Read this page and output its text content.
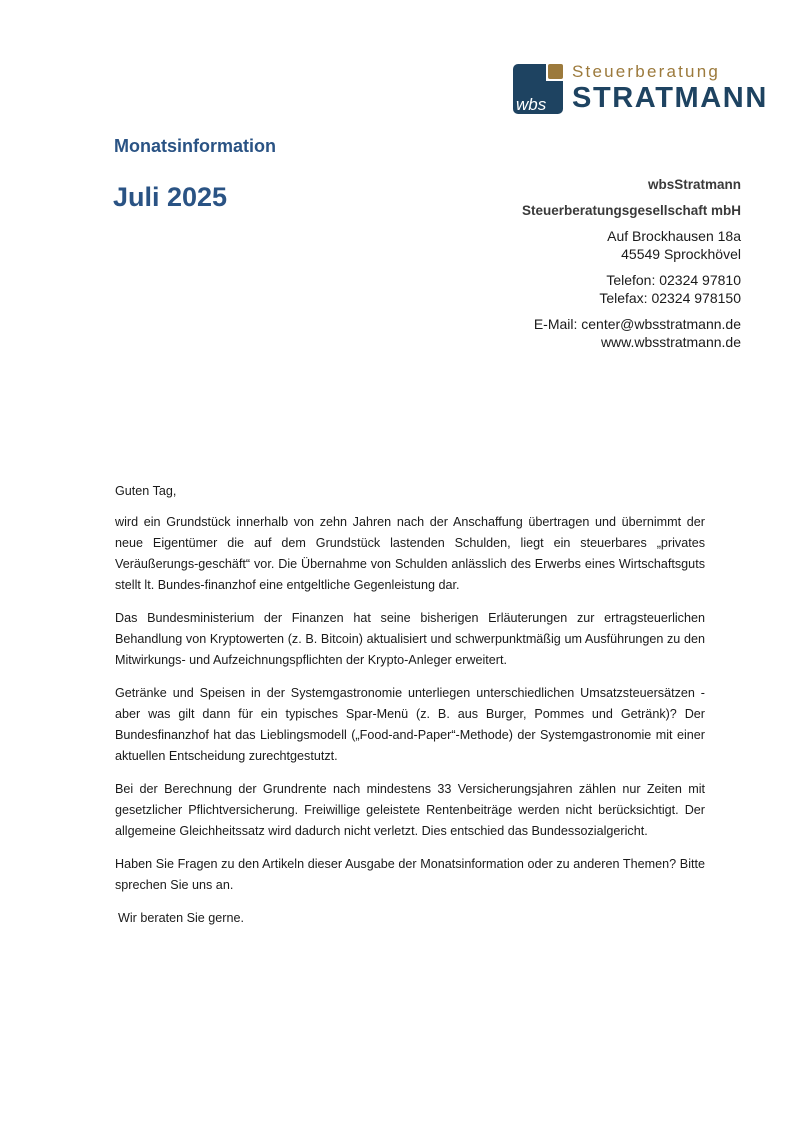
wbs
Steuerberatung
STRATMANN
Monatsinformation
Juli 2025	wbsStratmann
Steuerberatungsgesellschaft mbH
Auf Brockhausen 18a
45549 Sprockhövel
Telefon: 02324 97810
Telefax: 02324 978150
E-Mail: center@wbsstratmann.de
www.wbsstratmann.de

Guten Tag,

wird ein Grundstück innerhalb von zehn Jahren nach der Anschaffung übertragen und übernimmt der neue Eigentümer die auf dem Grundstück lastenden Schulden, liegt ein steuerbares „privates Veräußerungs-geschäft“ vor. Die Übernahme von Schulden anlässlich des Erwerbs eines Wirtschaftsguts stellt lt. Bundes-finanzhof eine entgeltliche Gegenleistung dar.

Das Bundesministerium der Finanzen hat seine bisherigen Erläuterungen zur ertragsteuerlichen Behandlung von Kryptowerten (z. B. Bitcoin) aktualisiert und schwerpunktmäßig um Ausführungen zu den Mitwirkungs- und Aufzeichnungspflichten der Krypto-Anleger erweitert.

Getränke und Speisen in der Systemgastronomie unterliegen unterschiedlichen Umsatzsteuersätzen - aber was gilt dann für ein typisches Spar-Menü (z. B. aus Burger, Pommes und Getränk)? Der Bundesfinanzhof hat das Lieblingsmodell („Food-and-Paper“-Methode) der Systemgastronomie mit einer aktuellen Entscheidung zurechtgestutzt.

Bei der Berechnung der Grundrente nach mindestens 33 Versicherungsjahren zählen nur Zeiten mit gesetzlicher Pflichtversicherung. Freiwillige geleistete Rentenbeiträge werden nicht berücksichtigt. Der allgemeine Gleichheitssatz wird dadurch nicht verletzt. Dies entschied das Bundessozialgericht.

Haben Sie Fragen zu den Artikeln dieser Ausgabe der Monatsinformation oder zu anderen Themen? Bitte sprechen Sie uns an.

Wir beraten Sie gerne.
